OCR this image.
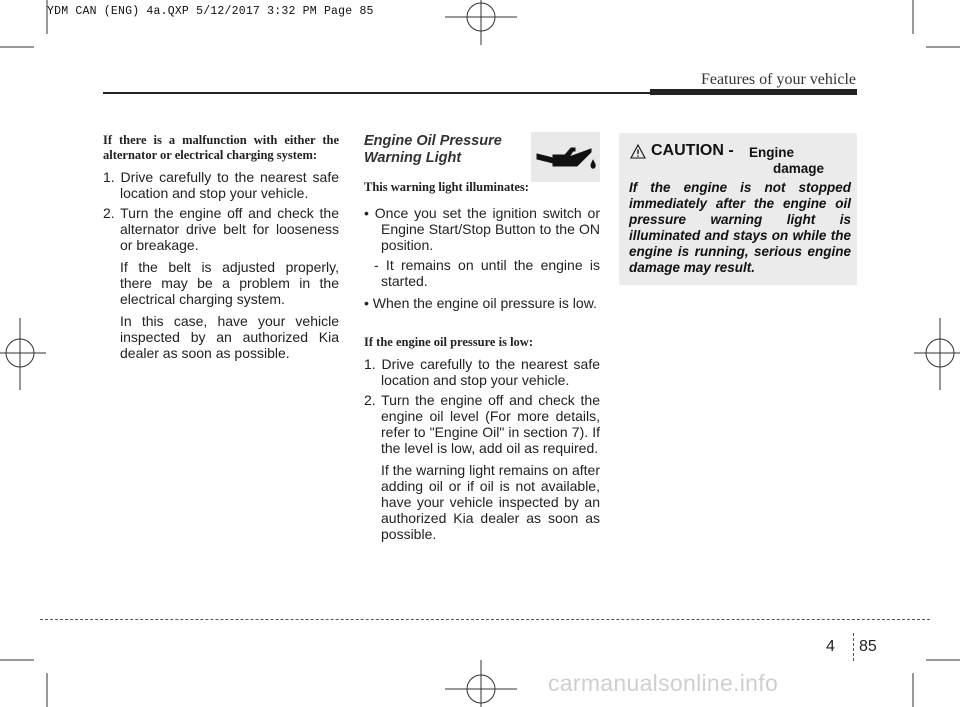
YDM CAN (ENG) 4a.QXP 5/12/2017 3:32 PM Page 85
Features of your vehicle

If there is a malfunction with either the alternator or electrical charging system:

1. Drive carefully to the nearest safe location and stop your vehicle.

2. Turn the engine off and check the alternator drive belt for looseness or breakage.

If the belt is adjusted properly, there may be a problem in the electrical charging system.

In this case, have your vehicle inspected by an authorized Kia dealer as soon as possible.

Engine Oil Pressure
Warning Light

This warning light illuminates:

• Once you set the ignition switch or Engine Start/Stop Button to the ON position.

- It remains on until the engine is started.

• When the engine oil pressure is low.

If the engine oil pressure is low:

1. Drive carefully to the nearest safe location and stop your vehicle.

2. Turn the engine off and check the engine oil level (For more details, refer to "Engine Oil" in section 7). If the level is low, add oil as required.

If the warning light remains on after adding oil or if oil is not available, have your vehicle inspected by an authorized Kia dealer as soon as possible.

CAUTION - Engine
damage
If the engine is not stopped immediately after the engine oil pressure warning light is illuminated and stays on while the engine is running, serious engine damage may result.
4 85
carmanualsonline.info
